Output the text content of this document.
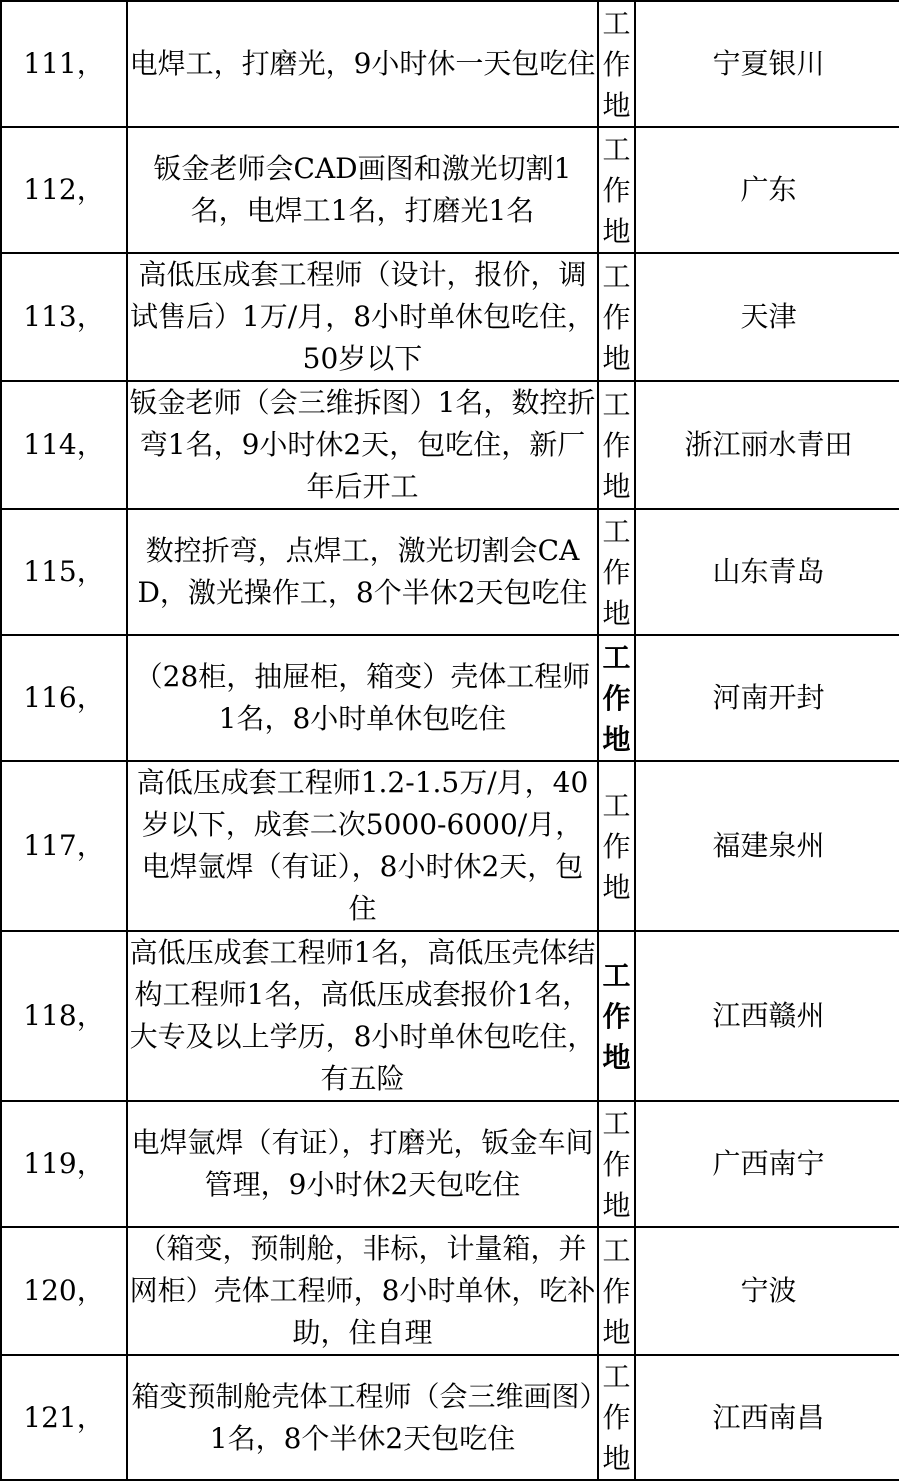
111，	电焊工，打磨光，9小时休一天包吃住	工作地	宁夏银川

112，	钣金老师会CAD画图和激光切割1名，电焊工1名，打磨光1名	工作地	广东

113，	高低压成套工程师（设计，报价，调试售后）1万/月，8小时单休包吃住，50岁以下	工作地	天津

114，	钣金老师（会三维拆图）1名，数控折弯1名，9小时休2天，包吃住，新厂年后开工	工作地	浙江丽水青田

115，	数控折弯，点焊工，激光切割会CAD，激光操作工，8个半休2天包吃住	工作地	山东青岛

116，	（28柜，抽屉柜，箱变）壳体工程师1名，8小时单休包吃住	工作地	河南开封

117，	高低压成套工程师1.2-1.5万/月，40岁以下，成套二次5000-6000/月，电焊氩焊（有证），8小时休2天，包住	工作地	福建泉州

118，	高低压成套工程师1名，高低压壳体结构工程师1名，高低压成套报价1名，大专及以上学历，8小时单休包吃住，有五险	工作地	江西赣州

119，	电焊氩焊（有证），打磨光，钣金车间管理，9小时休2天包吃住	工作地	广西南宁

120，	（箱变，预制舱，非标，计量箱，并网柜）壳体工程师，8小时单休，吃补助，住自理	工作地	宁波

121，	箱变预制舱壳体工程师（会三维画图）1名，8个半休2天包吃住	工作地	江西南昌
